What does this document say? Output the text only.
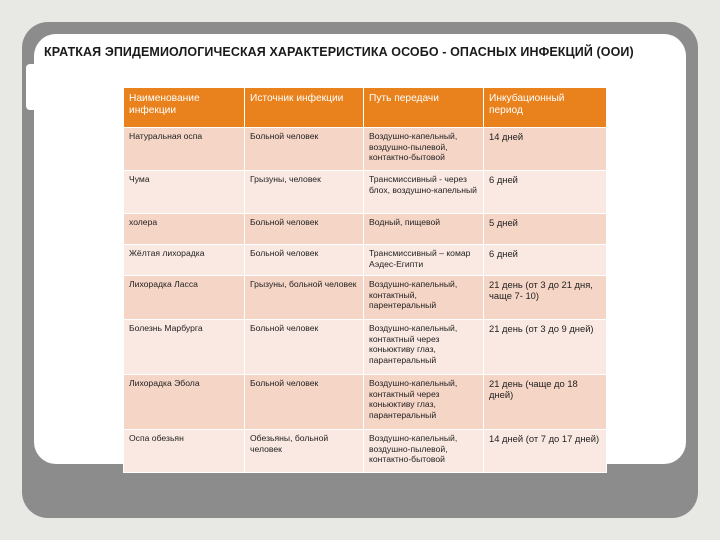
КРАТКАЯ ЭПИДЕМИОЛОГИЧЕСКАЯ ХАРАКТЕРИСТИКА ОСОБО - ОПАСНЫХ ИНФЕКЦИЙ (ООИ)
Наименование инфекции	Источник инфекции	Путь передачи	Инкубационный период
Натуральная оспа	Больной человек	Воздушно-капельный, воздушно-пылевой, контактно-бытовой	14 дней
Чума	Грызуны, человек	Трансмиссивный - через блох, воздушно-капельный	6 дней
холера	Больной человек	Водный, пищевой	5 дней
Жёлтая лихорадка	Больной человек	Трансмиссивный – комар Аэдес-Египти	6 дней
Лихорадка Ласса	Грызуны, больной человек	Воздушно-капельный, контактный, парентеральный	21 день (от 3 до 21 дня, чаще 7- 10)
Болезнь Марбурга	Больной человек	Воздушно-капельный, контактный через коньюктиву глаз, парантеральный	21 день (от 3 до 9 дней)
Лихорадка Эбола	Больной человек	Воздушно-капельный, контактный через коньюктиву глаз, парантеральный	21 день (чаще до 18 дней)
Оспа обезьян	Обезьяны, больной человек	Воздушно-капельный, воздушно-пылевой, контактно-бытовой	14 дней (от 7 до 17 дней)
